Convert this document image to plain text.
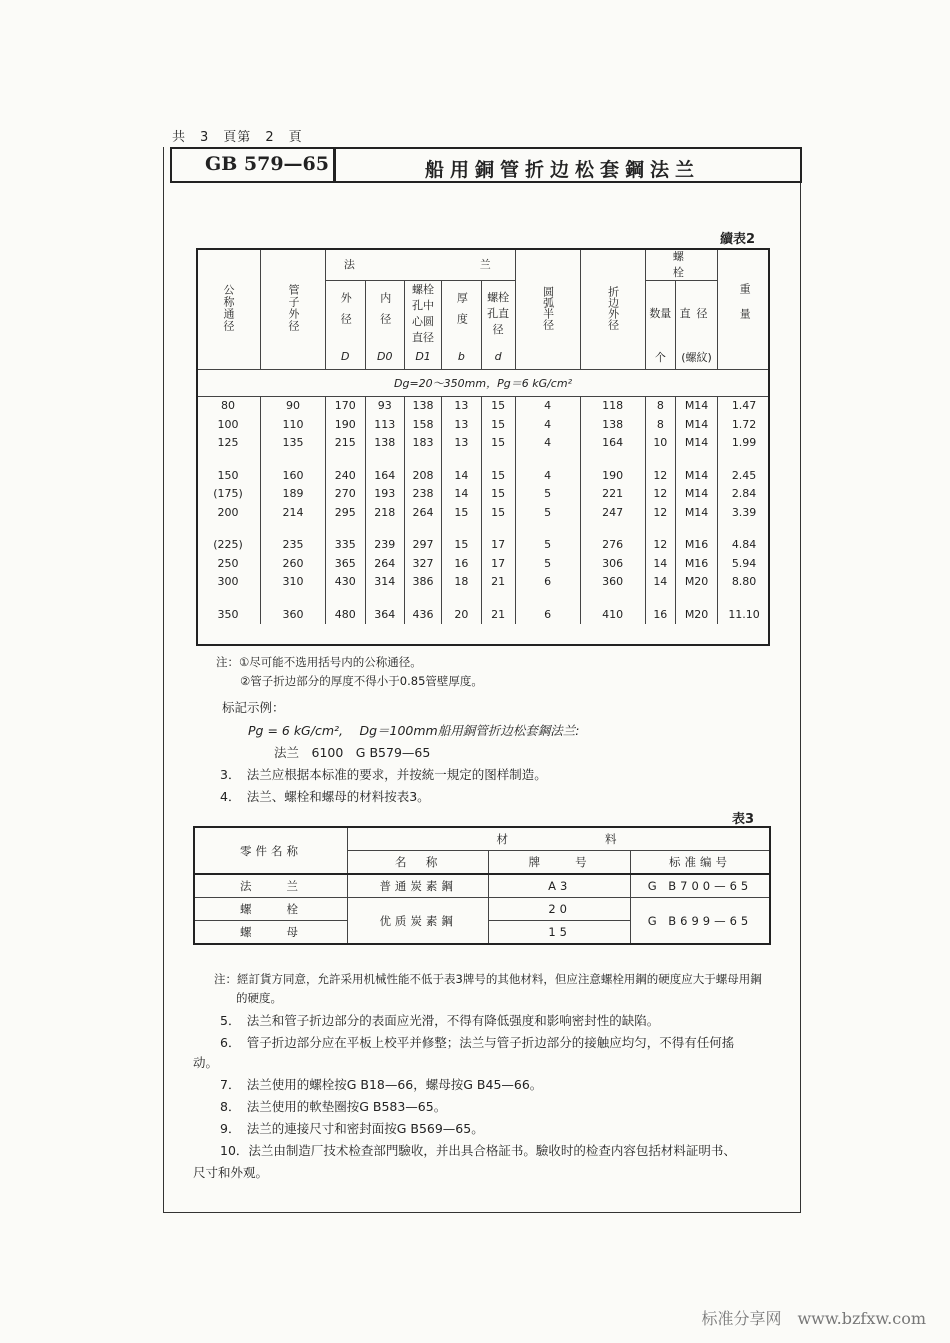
共 3 頁第 2 頁
GB 579—65	船用銅管折边松套鋼法兰
續表2
公称通径	管子外径	法　　　　　　　兰					圆弧半径	折边外径	螺　　　栓		重量
		外径	内径	螺栓孔中心圆直径	厚度	螺栓孔直径			数量	直径	
		D	D0	D1	b	d			个	(螺紋)	
Dg=20～350mm，Pg＝6 kG/cm²											
80	90	170	93	138	13	15	4	118	8	M14	1.47
100	110	190	113	158	13	15	4	138	8	M14	1.72
125	135	215	138	183	13	15	4	164	10	M14	1.99

150	160	240	164	208	14	15	4	190	12	M14	2.45
(175)	189	270	193	238	14	15	5	221	12	M14	2.84
200	214	295	218	264	15	15	5	247	12	M14	3.39

(225)	235	335	239	297	15	17	5	276	12	M16	4.84
250	260	365	264	327	16	17	5	306	14	M16	5.94
300	310	430	314	386	18	21	6	360	14	M20	8.80

350	360	480	364	436	20	21	6	410	16	M20	11.10
注：①尽可能不选用括号内的公称通径。
②管子折边部分的厚度不得小于0.85管壁厚度。
标記示例：
Pg = 6 kG/cm²,　 Dg＝100mm船用銅管折边松套鋼法兰:
法兰　6100　G B579—65
3．　法兰应根据本标准的要求，并按統一規定的图样制造。
4．　法兰、螺栓和螺母的材料按表3。
表3
零件名称	材　　　　　　料		
	名　称	牌　　号	标准编号
法　　兰	普通炭素鋼	A3	G B700—65
螺　　栓	优质炭素鋼	20	G B699—65
螺　　母		15	
注：經訂貨方同意，允許采用机械性能不低于表3牌号的其他材料，但应注意螺栓用鋼的硬度应大于螺母用鋼
的硬度。
5．　法兰和管子折边部分的表面应光滑，不得有降低强度和影响密封性的缺陷。
6．　管子折边部分应在平板上校平并修整；法兰与管子折边部分的接触应均匀，不得有任何搖
动。
7．　法兰使用的螺栓按G B18—66，螺母按G B45—66。
8．　法兰使用的軟垫圈按G B583—65。
9．　法兰的連接尺寸和密封面按G B569—65。
10．法兰由制造厂技术检查部門驗收，并出具合格証书。驗收时的检查内容包括材料証明书、
尺寸和外观。
标准分享网　www.bzfxw.com
